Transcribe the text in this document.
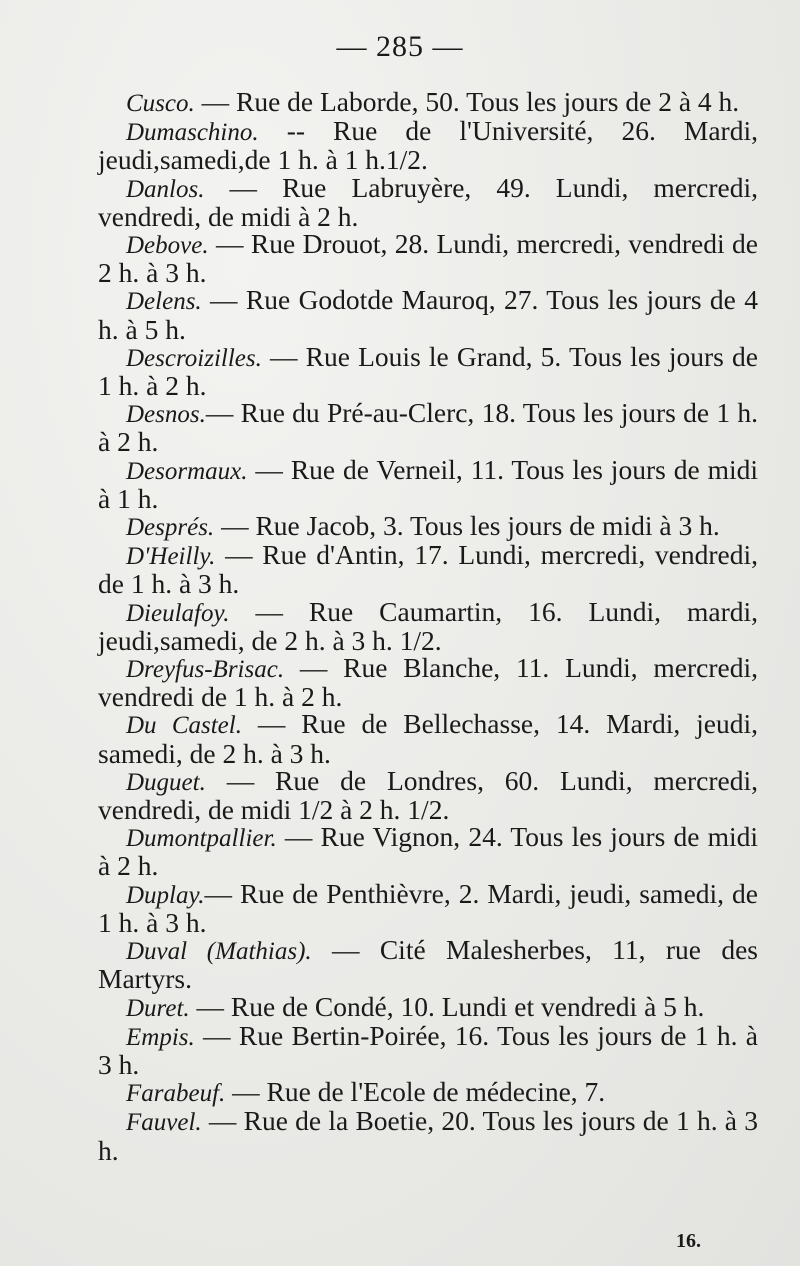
— 285 —
Cusco. — Rue de Laborde, 50. Tous les jours de 2 à 4 h.
Dumaschino. -- Rue de l'Université, 26. Mardi, jeudi,samedi,de 1 h. à 1 h.1/2.
Danlos. — Rue Labruyère, 49. Lundi, mercredi, vendredi, de midi à 2 h.
Debove. — Rue Drouot, 28. Lundi, mercredi, vendredi de 2 h. à 3 h.
Delens. — Rue Godotde Mauroq, 27. Tous les jours de 4 h. à 5 h.
Descroizilles. — Rue Louis le Grand, 5. Tous les jours de 1 h. à 2 h.
Desnos.— Rue du Pré-au-Clerc, 18. Tous les jours de 1 h. à 2 h.
Desormaux. — Rue de Verneil, 11. Tous les jours de midi à 1 h.
Després. — Rue Jacob, 3. Tous les jours de midi à 3 h.
D'Heilly. — Rue d'Antin, 17. Lundi, mercredi, vendredi, de 1 h. à 3 h.
Dieulafoy. — Rue Caumartin, 16. Lundi, mardi, jeudi,samedi, de 2 h. à 3 h. 1/2.
Dreyfus-Brisac. — Rue Blanche, 11. Lundi, mercredi, vendredi de 1 h. à 2 h.
Du Castel. — Rue de Bellechasse, 14. Mardi, jeudi, samedi, de 2 h. à 3 h.
Duguet. — Rue de Londres, 60. Lundi, mercredi, vendredi, de midi 1/2 à 2 h. 1/2.
Dumontpallier. — Rue Vignon, 24. Tous les jours de midi à 2 h.
Duplay.— Rue de Penthièvre, 2. Mardi, jeudi, samedi, de 1 h. à 3 h.
Duval (Mathias). — Cité Malesherbes, 11, rue des Martyrs.
Duret. — Rue de Condé, 10. Lundi et vendredi à 5 h.
Empis. — Rue Bertin-Poirée, 16. Tous les jours de 1 h. à 3 h.
Farabeuf. — Rue de l'Ecole de médecine, 7.
Fauvel. — Rue de la Boetie, 20. Tous les jours de 1 h. à 3 h.
16.
